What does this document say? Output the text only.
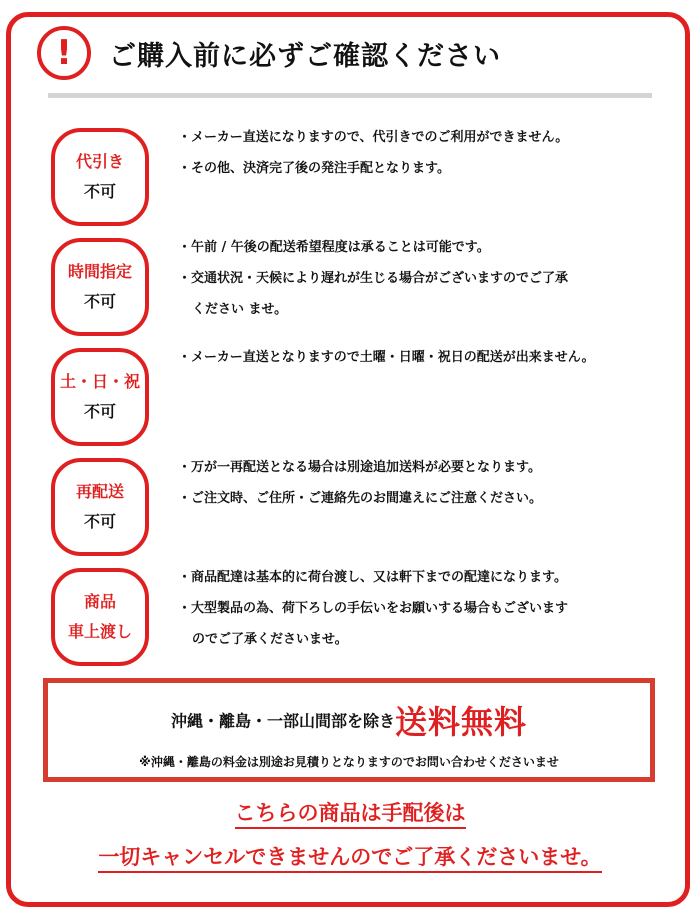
!	ご購入前に必ずご確認ください
代引き
不可
・メーカー直送になりますので、代引きでのご利用ができません。
・その他、決済完了後の発注手配となります。
時間指定
不可
・午前 / 午後の配送希望程度は承ることは可能です。
・交通状況・天候により遅れが生じる場合がございますのでご了承
ください ませ。
土・日・祝
不可
・メーカー直送となりますので土曜・日曜・祝日の配送が出来ません。
再配送
不可
・万が一再配送となる場合は別途追加送料が必要となります。
・ご注文時、ご住所・ご連絡先のお間違えにご注意ください。
商品
車上渡し
・商品配達は基本的に荷台渡し、又は軒下までの配達になります。
・大型製品の為、荷下ろしの手伝いをお願いする場合もございます
のでご了承くださいませ。
沖縄・離島・一部山間部を除き送料無料
※沖縄・離島の料金は別途お見積りとなりますのでお問い合わせくださいませ
こちらの商品は手配後は
一切キャンセルできませんのでご了承くださいませ。
